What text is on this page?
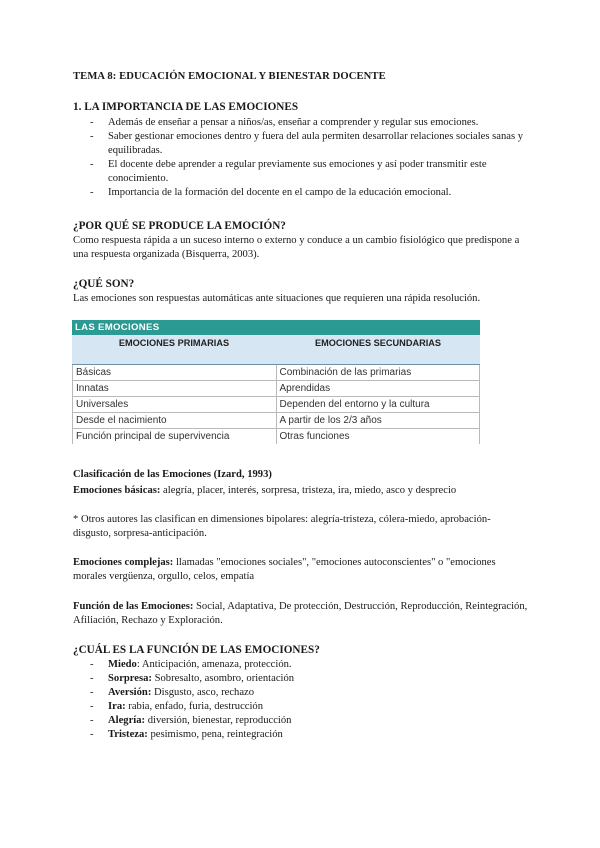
TEMA 8: EDUCACIÓN EMOCIONAL Y BIENESTAR DOCENTE
1. LA IMPORTANCIA DE LAS EMOCIONES
- Además de enseñar a pensar a niños/as, enseñar a comprender y regular sus emociones.
- Saber gestionar emociones dentro y fuera del aula permiten desarrollar relaciones sociales sanas y equilibradas.
- El docente debe aprender a regular previamente sus emociones y así poder transmitir este conocimiento.
- Importancia de la formación del docente en el campo de la educación emocional.
¿POR QUÉ SE PRODUCE LA EMOCIÓN?
Como respuesta rápida a un suceso interno o externo y conduce a un cambio fisiológico que predispone a una respuesta organizada (Bisquerra, 2003).
¿QUÉ SON?
Las emociones son respuestas automáticas ante situaciones que requieren una rápida resolución.
LAS EMOCIONES
EMOCIONES PRIMARIAS	EMOCIONES SECUNDARIAS
Básicas	Combinación de las primarias
Innatas	Aprendidas
Universales	Dependen del entorno y la cultura
Desde el nacimiento	A partir de los 2/3 años
Función principal de supervivencia	Otras funciones
Clasificación de las Emociones (Izard, 1993)
Emociones básicas: alegría, placer, interés, sorpresa, tristeza, ira, miedo, asco y desprecio
* Otros autores las clasifican en dimensiones bipolares: alegría-tristeza, cólera-miedo, aprobación-disgusto, sorpresa-anticipación.
Emociones complejas: llamadas "emociones sociales", "emociones autoconscientes" o "emociones morales vergüenza, orgullo, celos, empatía
Función de las Emociones: Social, Adaptativa, De protección, Destrucción, Reproducción, Reintegración, Afiliación, Rechazo y Exploración.
¿CUÁL ES LA FUNCIÓN DE LAS EMOCIONES?
- Miedo: Anticipación, amenaza, protección.
- Sorpresa: Sobresalto, asombro, orientación
- Aversión: Disgusto, asco, rechazo
- Ira: rabia, enfado, furia, destrucción
- Alegría: diversión, bienestar, reproducción
- Tristeza: pesimismo, pena, reintegración
